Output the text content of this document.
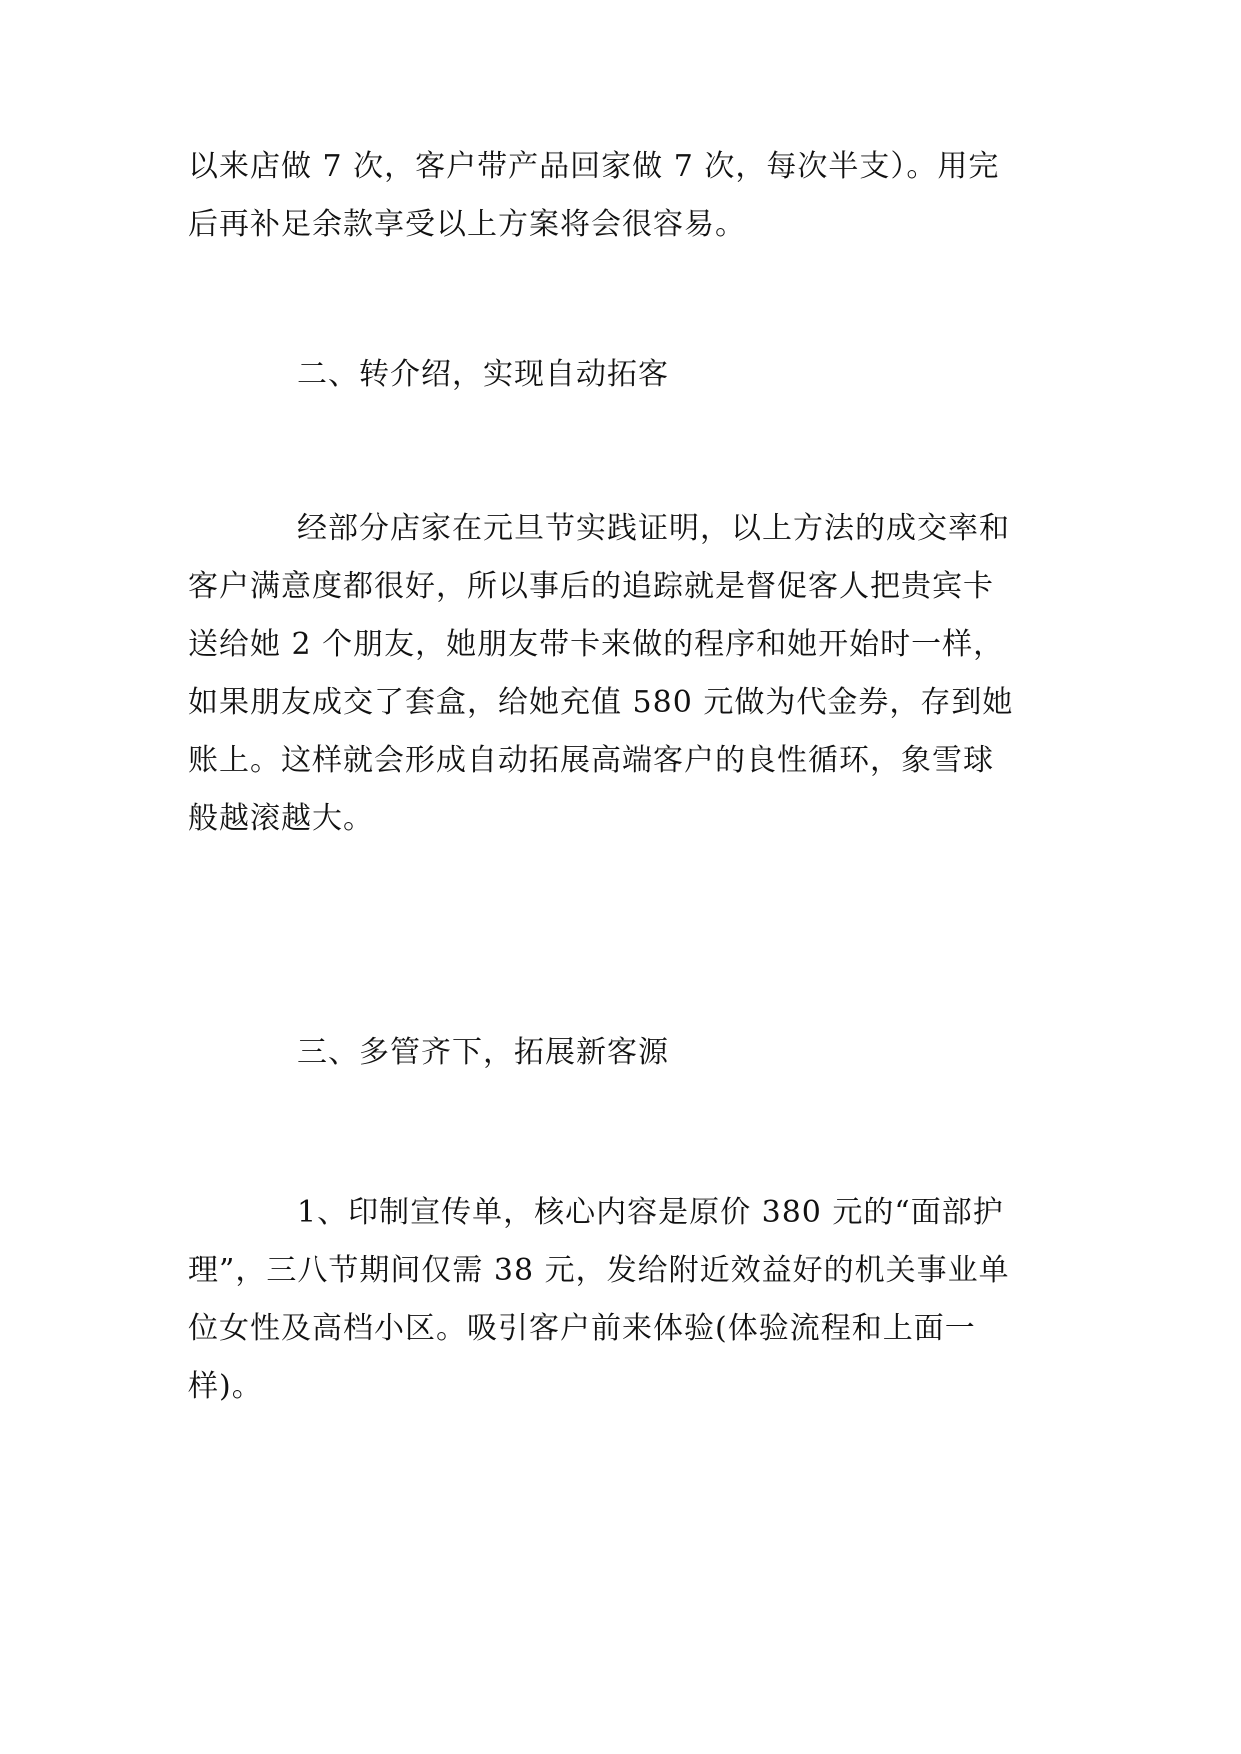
以来店做 7 次，客户带产品回家做 7 次，每次半支）。用完
后再补足余款享受以上方案将会很容易。
二、转介绍，实现自动拓客
经部分店家在元旦节实践证明，以上方法的成交率和
客户满意度都很好，所以事后的追踪就是督促客人把贵宾卡
送给她 2 个朋友，她朋友带卡来做的程序和她开始时一样，
如果朋友成交了套盒，给她充值 580 元做为代金券，存到她
账上。这样就会形成自动拓展高端客户的良性循环，象雪球
般越滚越大。
三、多管齐下，拓展新客源
1、印制宣传单，核心内容是原价 380 元的“面部护
理”，三八节期间仅需 38 元，发给附近效益好的机关事业单
位女性及高档小区。吸引客户前来体验(体验流程和上面一
样)。
